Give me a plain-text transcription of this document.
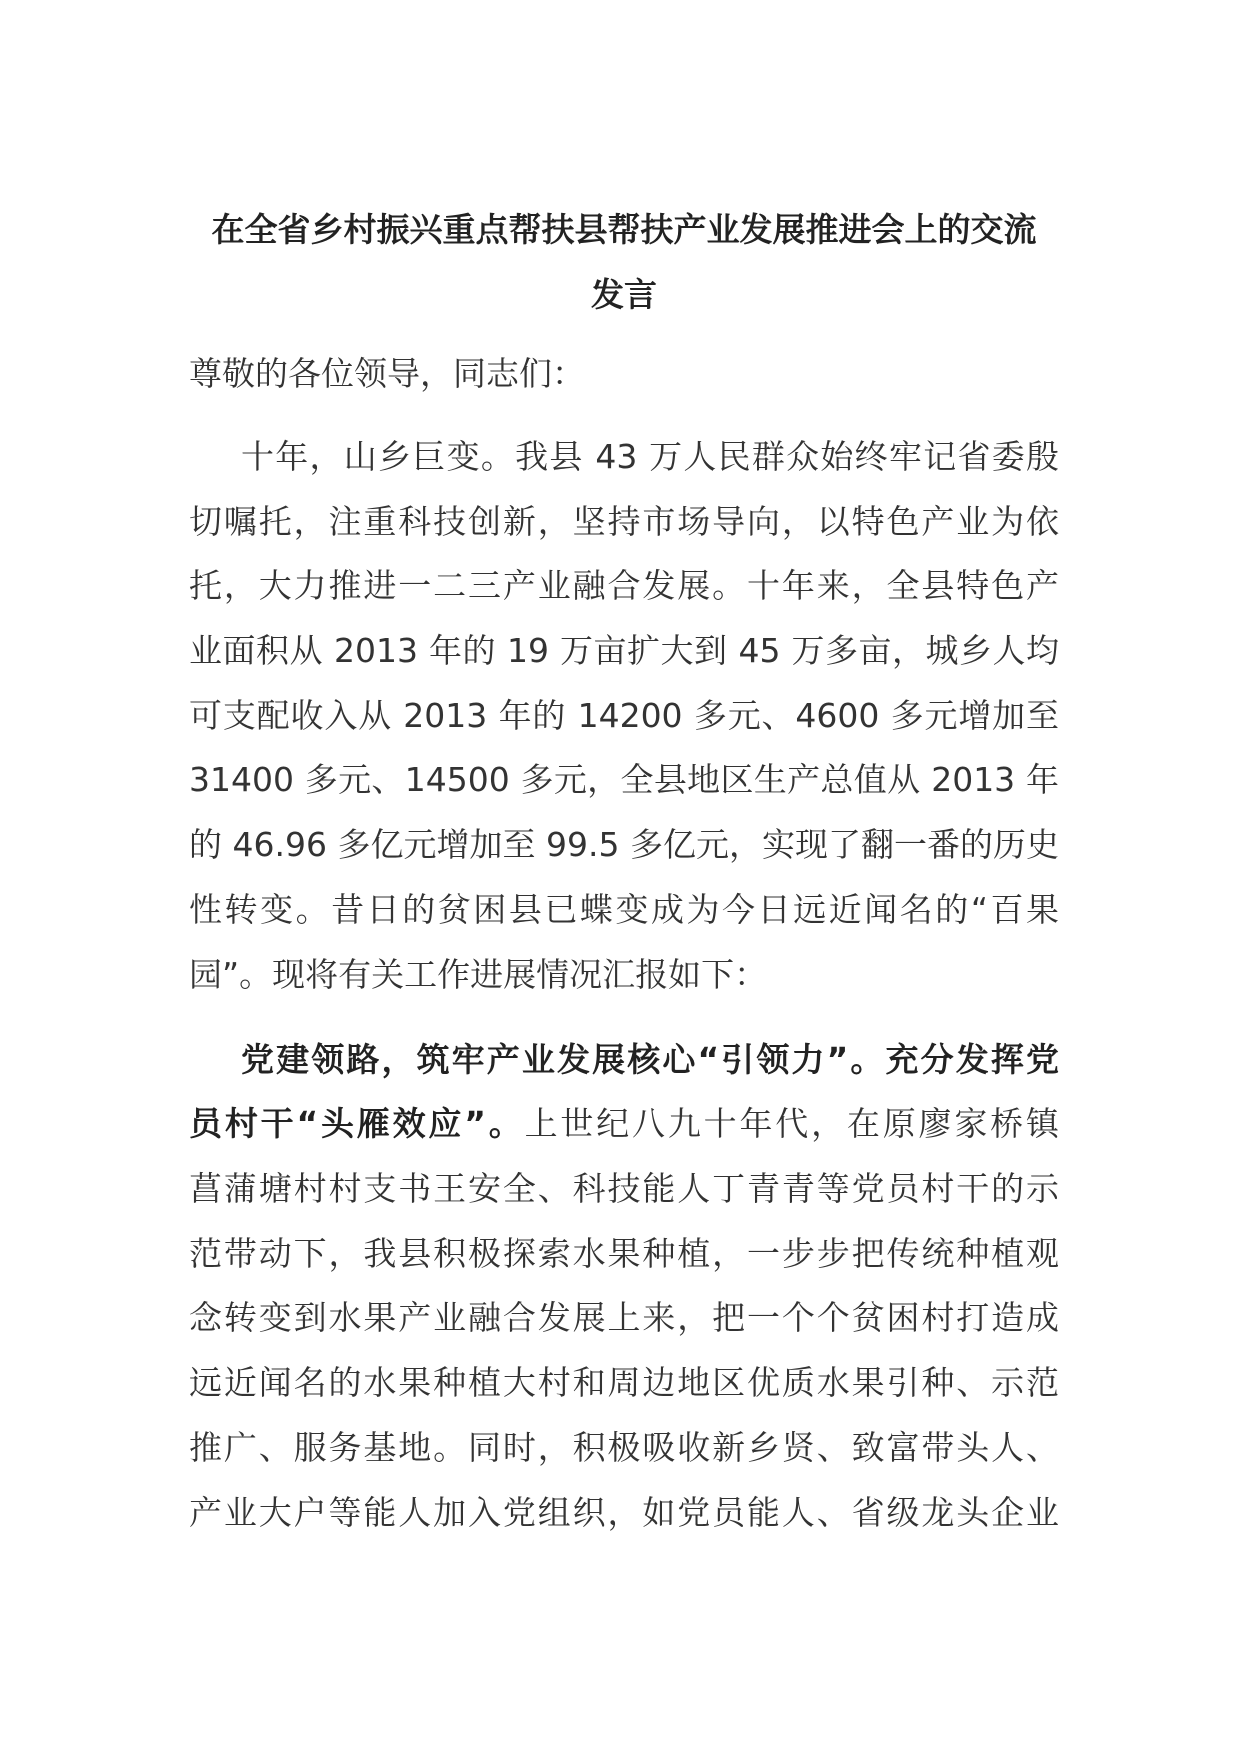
在全省乡村振兴重点帮扶县帮扶产业发展推进会上的交流
发言
尊敬的各位领导，同志们：
十年，山乡巨变。我县 43 万人民群众始终牢记省委殷
切嘱托，注重科技创新，坚持市场导向，以特色产业为依
托，大力推进一二三产业融合发展。十年来，全县特色产
业面积从 2013 年的 19 万亩扩大到 45 万多亩，城乡人均
可支配收入从 2013 年的 14200 多元、4600 多元增加至
31400 多元、14500 多元，全县地区生产总值从 2013 年
的 46.96 多亿元增加至 99.5 多亿元，实现了翻一番的历史
性转变。昔日的贫困县已蝶变成为今日远近闻名的“百果
园”。现将有关工作进展情况汇报如下：
党建领路，筑牢产业发展核心“引领力”。充分发挥党
员村干“头雁效应”。上世纪八九十年代，在原廖家桥镇
菖蒲塘村村支书王安全、科技能人丁青青等党员村干的示
范带动下，我县积极探索水果种植，一步步把传统种植观
念转变到水果产业融合发展上来，把一个个贫困村打造成
远近闻名的水果种植大村和周边地区优质水果引种、示范
推广、服务基地。同时，积极吸收新乡贤、致富带头人、
产业大户等能人加入党组织，如党员能人、省级龙头企业
